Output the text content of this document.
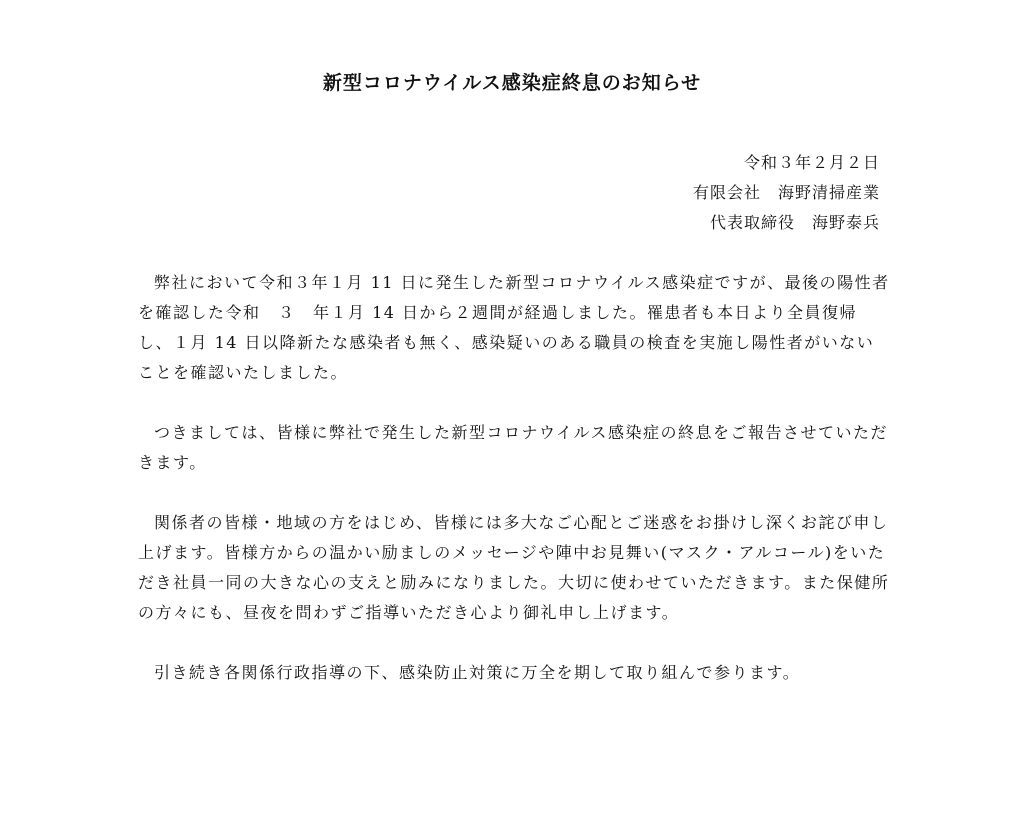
新型コロナウイルス感染症終息のお知らせ
令和３年２月２日
有限会社　海野清掃産業
代表取締役　海野泰兵

弊社において令和３年１月 11 日に発生した新型コロナウイルス感染症ですが、最後の陽性者を確認した令和　３　年１月 14 日から２週間が経過しました。罹患者も本日より全員復帰し、１月 14 日以降新たな感染者も無く、感染疑いのある職員の検査を実施し陽性者がいないことを確認いたしました。

つきましては、皆様に弊社で発生した新型コロナウイルス感染症の終息をご報告させていただきます。

関係者の皆様・地域の方をはじめ、皆様には多大なご心配とご迷惑をお掛けし深くお詫び申し上げます。皆様方からの温かい励ましのメッセージや陣中お見舞い(マスク・アルコール)をいただき社員一同の大きな心の支えと励みになりました。大切に使わせていただきます。また保健所の方々にも、昼夜を問わずご指導いただき心より御礼申し上げます。

引き続き各関係行政指導の下、感染防止対策に万全を期して取り組んで参ります。
